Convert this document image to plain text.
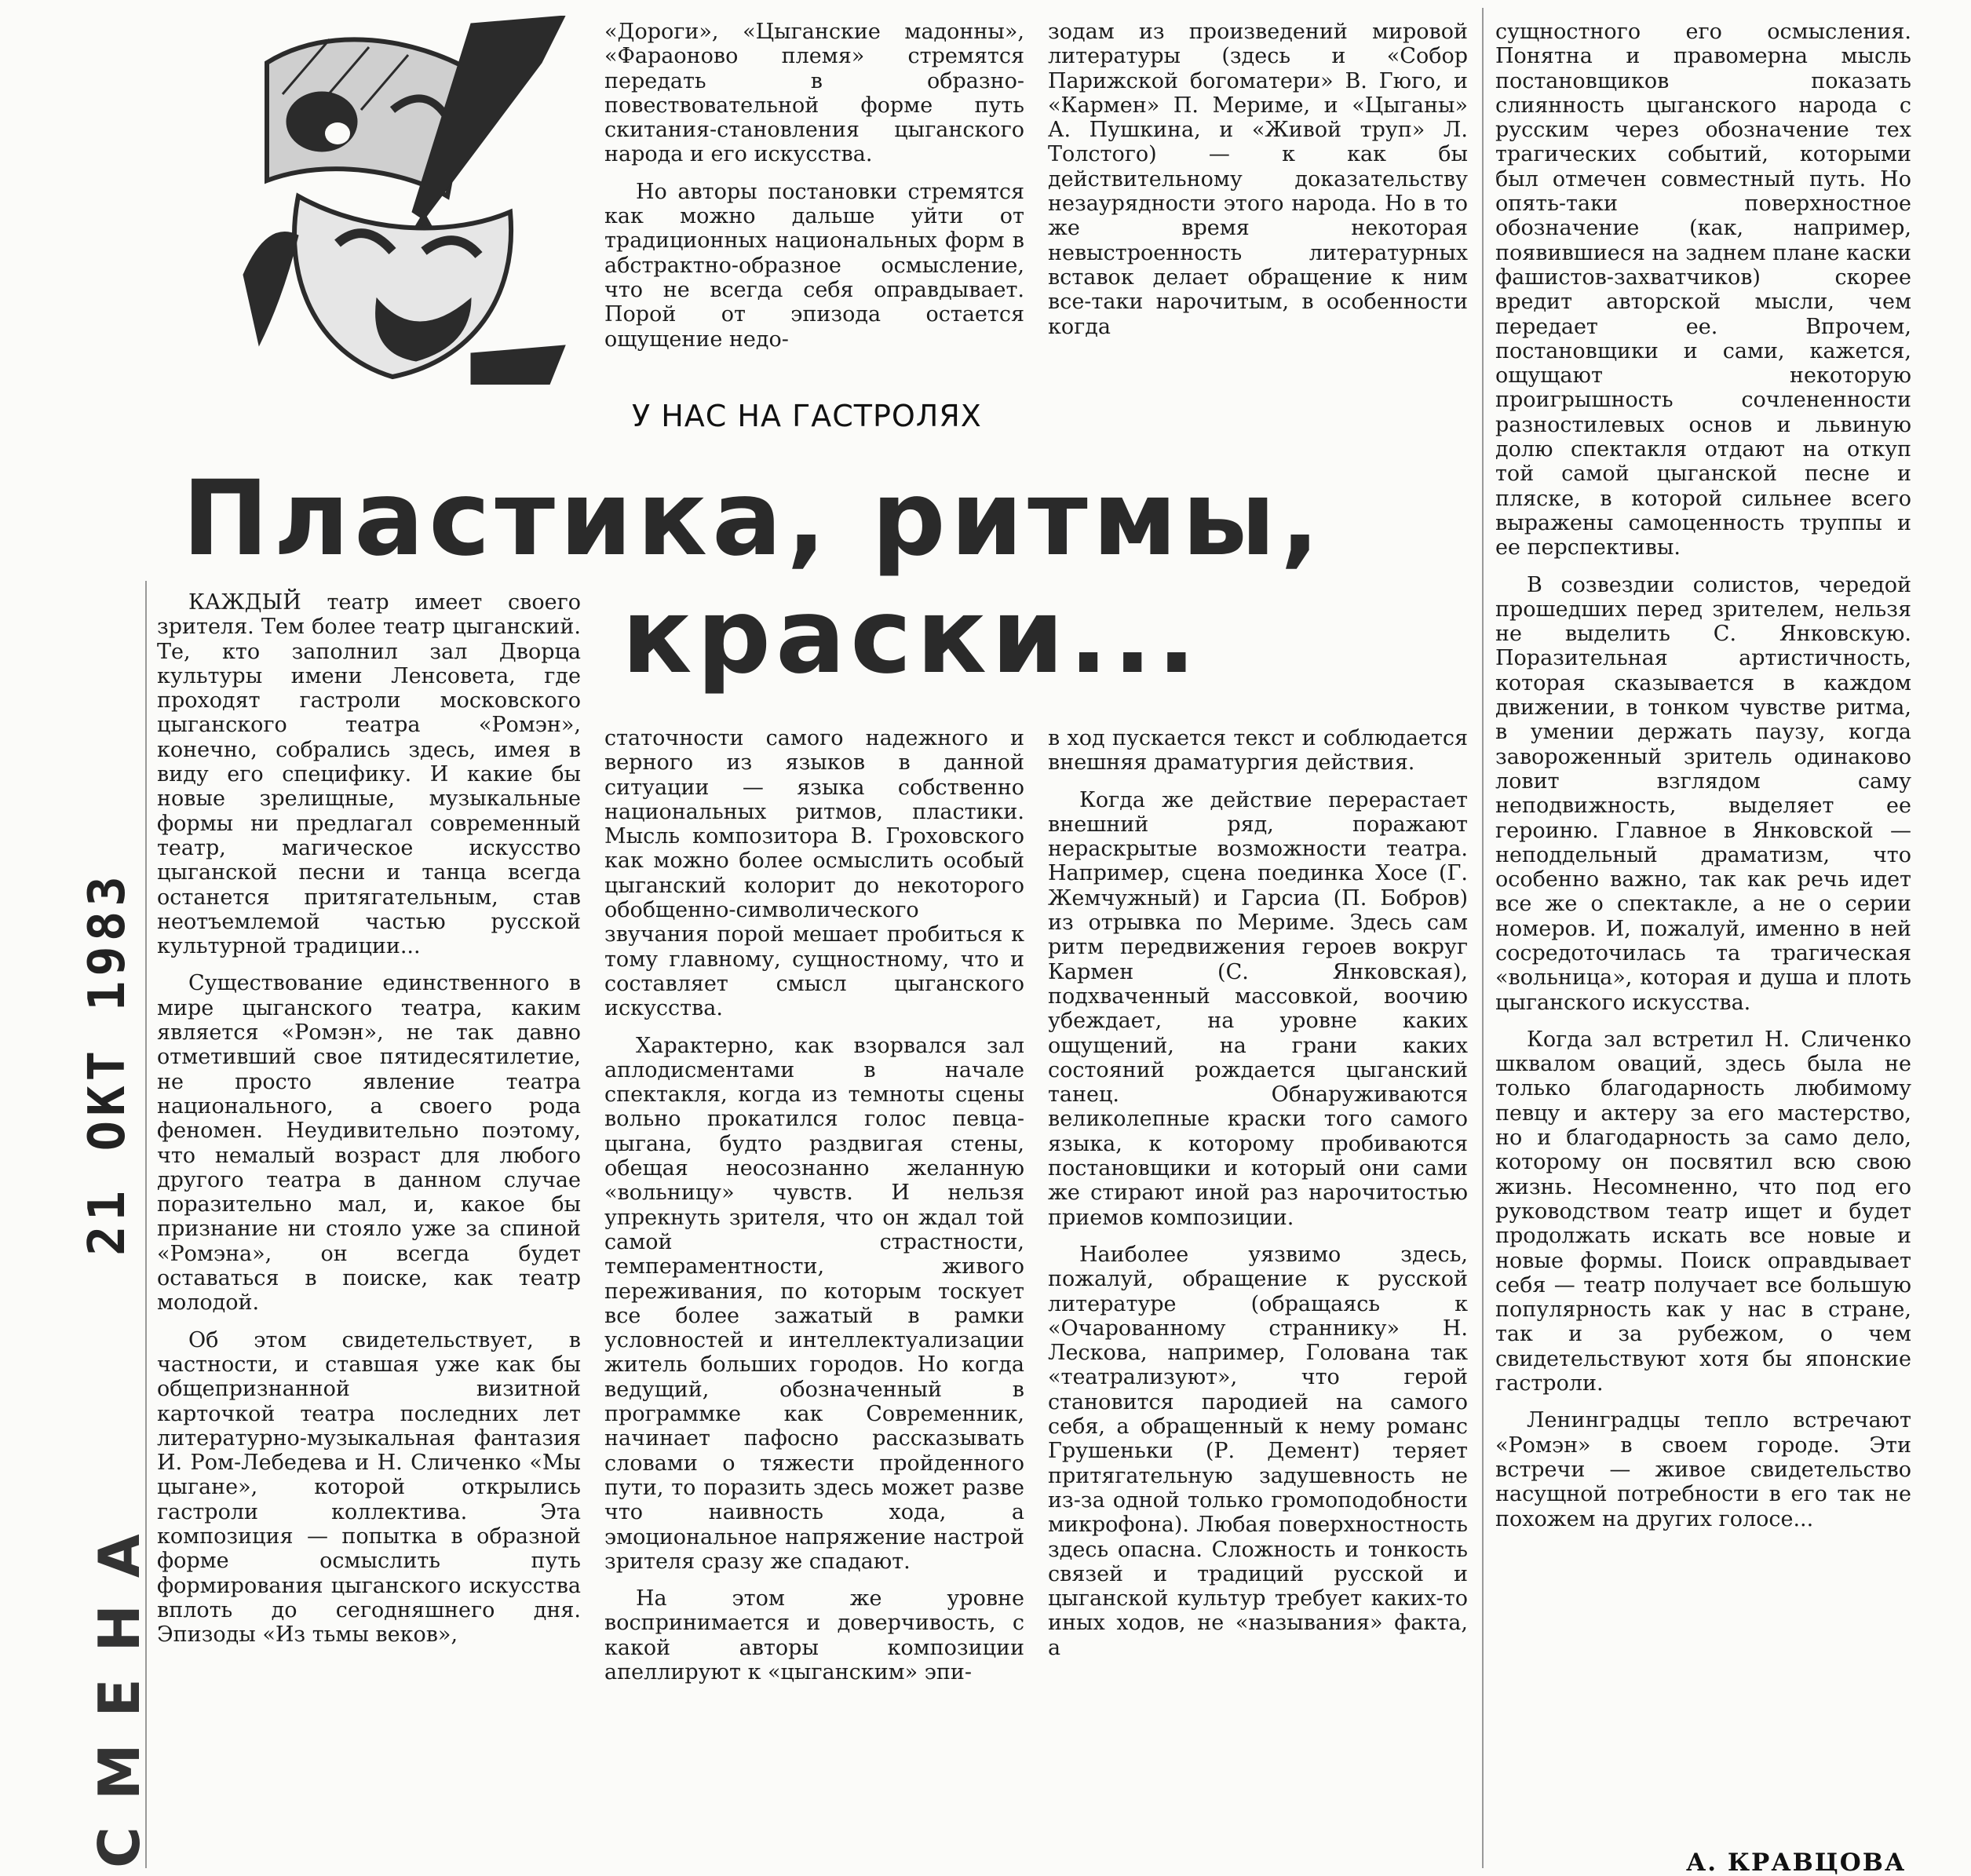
У НАС НА ГАСТРОЛЯХ
Пластика, ритмы,
краски...

КАЖДЫЙ театр имеет своего зрителя. Тем более театр цыганский. Те, кто заполнил зал Дворца культуры имени Ленсовета, где проходят гастроли московского цыганского театра «Ромэн», конечно, собрались здесь, имея в виду его специфику. И какие бы новые зрелищные, музыкальные формы ни предлагал современный театр, магическое искусство цыганской песни и танца всегда останется притягательным, став неотъемлемой частью русской культурной традиции...

Существование единственного в мире цыганского театра, каким является «Ромэн», не так давно отметивший свое пятидесятилетие, не просто явление театра национального, а своего рода феномен. Неудивительно поэтому, что немалый возраст для любого другого театра в данном случае поразительно мал, и, какое бы признание ни стояло уже за спиной «Ромэна», он всегда будет оставаться в поиске, как театр молодой.

Об этом свидетельствует, в частности, и ставшая уже как бы общепризнанной визитной карточкой театра последних лет литературно-музыкальная фантазия И. Ром-Лебедева и Н. Сличенко «Мы цыгане», которой открылись гастроли коллектива. Эта композиция — попытка в образной форме осмыслить путь формирования цыганского искусства вплоть до сегодняшнего дня. Эпизоды «Из тьмы веков»,

«Дороги», «Цыганские мадонны», «Фараоново племя» стремятся передать в образно-повествовательной форме путь скитания-становления цыганского народа и его искусства.

Но авторы постановки стремятся как можно дальше уйти от традиционных национальных форм в абстрактно-образное осмысление, что не всегда себя оправдывает. Порой от эпизода остается ощущение недо-

статочности самого надежного и верного из языков в данной ситуации — языка собственно национальных ритмов, пластики. Мысль композитора В. Гроховского как можно более осмыслить особый цыганский колорит до некоторого обобщенно-символического звучания порой мешает пробиться к тому главному, сущностному, что и составляет смысл цыганского искусства.

Характерно, как взорвался зал аплодисментами в начале спектакля, когда из темноты сцены вольно прокатился голос певца-цыгана, будто раздвигая стены, обещая неосознанно желанную «вольницу» чувств. И нельзя упрекнуть зрителя, что он ждал той самой страстности, темпераментности, живого переживания, по которым тоскует все более зажатый в рамки условностей и интеллектуализации житель больших городов. Но когда ведущий, обозначенный в программке как Современник, начинает пафосно рассказывать словами о тяжести пройденного пути, то поразить здесь может разве что наивность хода, а эмоциональное напряжение настрой зрителя сразу же спадают.

На этом же уровне воспринимается и доверчивость, с какой авторы композиции апеллируют к «цыганским» эпи-

зодам из произведений мировой литературы (здесь и «Собор Парижской богоматери» В. Гюго, и «Кармен» П. Мериме, и «Цыганы» А. Пушкина, и «Живой труп» Л. Толстого) — к как бы действительному доказательству незаурядности этого народа. Но в то же время некоторая невыстроенность литературных вставок делает обращение к ним все-таки нарочитым, в особенности когда

в ход пускается текст и соблюдается внешняя драматургия действия.

Когда же действие перерастает внешний ряд, поражают нераскрытые возможности театра. Например, сцена поединка Хосе (Г. Жемчужный) и Гарсиа (П. Бобров) из отрывка по Мериме. Здесь сам ритм передвижения героев вокруг Кармен (С. Янковская), подхваченный массовкой, воочию убеждает, на уровне каких ощущений, на грани каких состояний рождается цыганский танец. Обнаруживаются великолепные краски того самого языка, к которому пробиваются постановщики и который они сами же стирают иной раз нарочитостью приемов композиции.

Наиболее уязвимо здесь, пожалуй, обращение к русской литературе (обращаясь к «Очарованному страннику» Н. Лескова, например, Голована так «театрализуют», что герой становится пародией на самого себя, а обращенный к нему романс Грушеньки (Р. Демент) теряет притягательную задушевность не из-за одной только громоподобности микрофона). Любая поверхностность здесь опасна. Сложность и тонкость связей и традиций русской и цыганской культур требует каких-то иных ходов, не «называния» факта, а

сущностного его осмысления. Понятна и правомерна мысль постановщиков показать слиянность цыганского народа с русским через обозначение тех трагических событий, которыми был отмечен совместный путь. Но опять-таки поверхностное обозначение (как, например, появившиеся на заднем плане каски фашистов-захватчиков) скорее вредит авторской мысли, чем передает ее. Впрочем, постановщики и сами, кажется, ощущают некоторую проигрышность сочлененности разностилевых основ и львиную долю спектакля отдают на откуп той самой цыганской песне и пляске, в которой сильнее всего выражены самоценность труппы и ее перспективы.

В созвездии солистов, чередой прошедших перед зрителем, нельзя не выделить С. Янковскую. Поразительная артистичность, которая сказывается в каждом движении, в тонком чувстве ритма, в умении держать паузу, когда завороженный зритель одинаково ловит взглядом саму неподвижность, выделяет ее героиню. Главное в Янковской — неподдельный драматизм, что особенно важно, так как речь идет все же о спектакле, а не о серии номеров. И, пожалуй, именно в ней сосредоточилась та трагическая «вольница», которая и душа и плоть цыганского искусства.

Когда зал встретил Н. Сличенко шквалом оваций, здесь была не только благодарность любимому певцу и актеру за его мастерство, но и благодарность за само дело, которому он посвятил всю свою жизнь. Несомненно, что под его руководством театр ищет и будет продолжать искать все новые и новые формы. Поиск оправдывает себя — театр получает все большую популярность как у нас в стране, так и за рубежом, о чем свидетельствуют хотя бы японские гастроли.

Ленинградцы тепло встречают «Ромэн» в своем городе. Эти встречи — живое свидетельство насущной потребности в его так не похожем на других голосе...

А. КРАВЦОВА
21 ОКТ 1983
СМЕНА
